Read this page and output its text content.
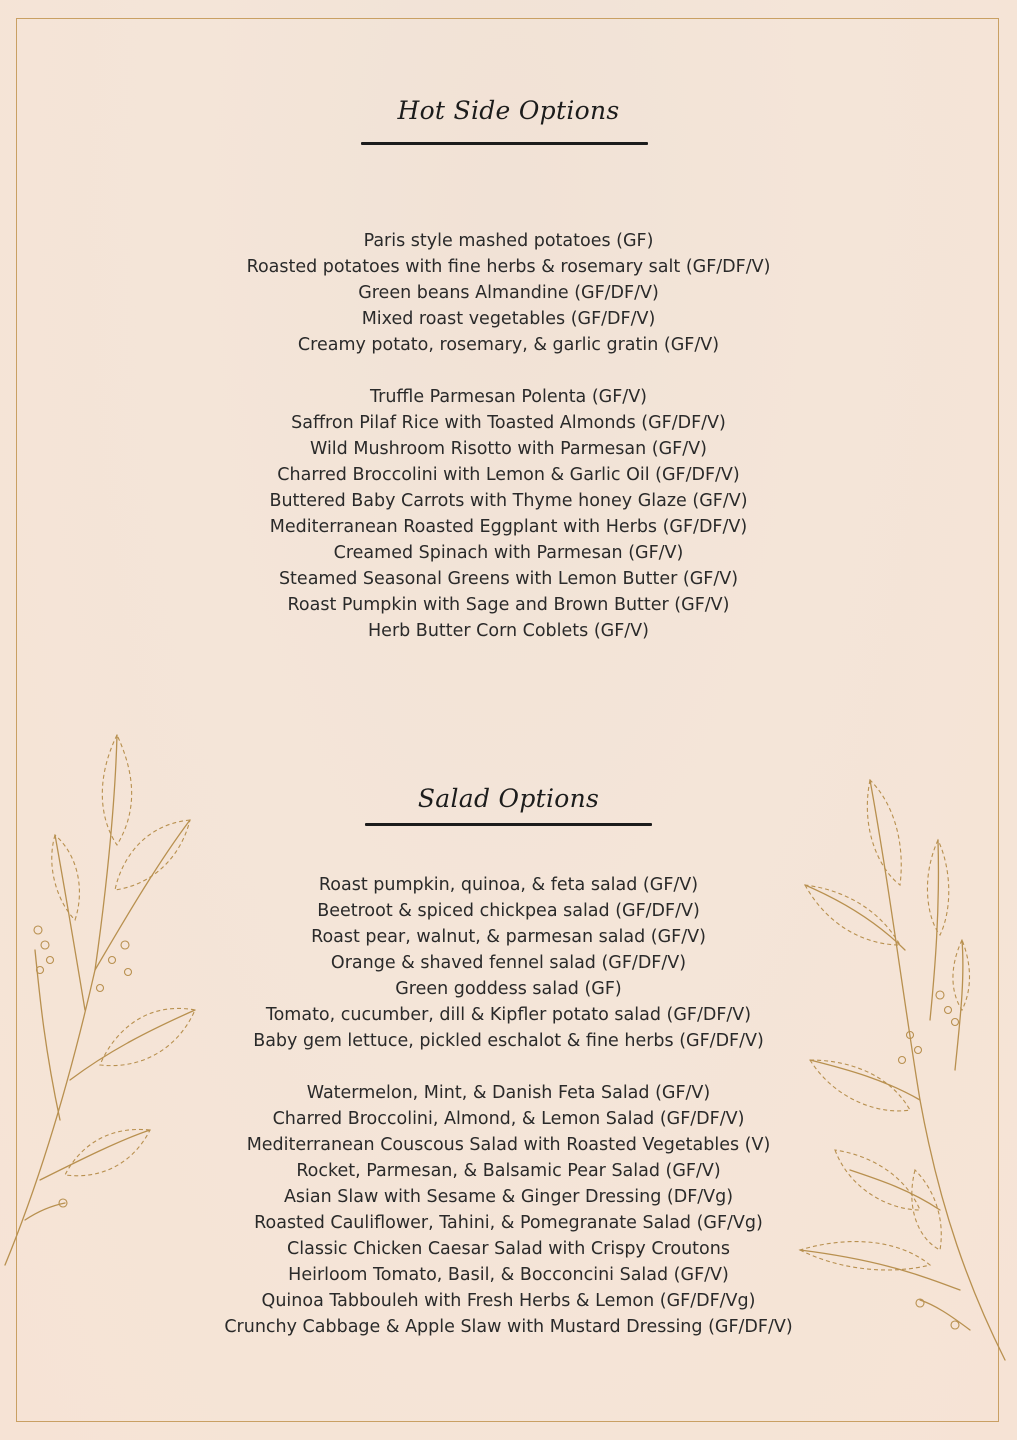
Hot Side Options
Paris style mashed potatoes (GF)
Roasted potatoes with fine herbs & rosemary salt (GF/DF/V)
Green beans Almandine (GF/DF/V)
Mixed roast vegetables (GF/DF/V)
Creamy potato, rosemary, & garlic gratin (GF/V)
Truffle Parmesan Polenta (GF/V)
Saffron Pilaf Rice with Toasted Almonds (GF/DF/V)
Wild Mushroom Risotto with Parmesan (GF/V)
Charred Broccolini with Lemon & Garlic Oil (GF/DF/V)
Buttered Baby Carrots with Thyme honey Glaze (GF/V)
Mediterranean Roasted Eggplant with Herbs (GF/DF/V)
Creamed Spinach with Parmesan (GF/V)
Steamed Seasonal Greens with Lemon Butter (GF/V)
Roast Pumpkin with Sage and Brown Butter (GF/V)
Herb Butter Corn Coblets (GF/V)
Salad Options
Roast pumpkin, quinoa, & feta salad (GF/V)
Beetroot & spiced chickpea salad (GF/DF/V)
Roast pear, walnut, & parmesan salad (GF/V)
Orange & shaved fennel salad (GF/DF/V)
Green goddess salad (GF)
Tomato, cucumber, dill & Kipfler potato salad (GF/DF/V)
Baby gem lettuce, pickled eschalot & fine herbs (GF/DF/V)
Watermelon, Mint, & Danish Feta Salad (GF/V)
Charred Broccolini, Almond, & Lemon Salad (GF/DF/V)
Mediterranean Couscous Salad with Roasted Vegetables (V)
Rocket, Parmesan, & Balsamic Pear Salad (GF/V)
Asian Slaw with Sesame & Ginger Dressing (DF/Vg)
Roasted Cauliflower, Tahini, & Pomegranate Salad (GF/Vg)
Classic Chicken Caesar Salad with Crispy Croutons
Heirloom Tomato, Basil, & Bocconcini Salad (GF/V)
Quinoa Tabbouleh with Fresh Herbs & Lemon (GF/DF/Vg)
Crunchy Cabbage & Apple Slaw with Mustard Dressing (GF/DF/V)
